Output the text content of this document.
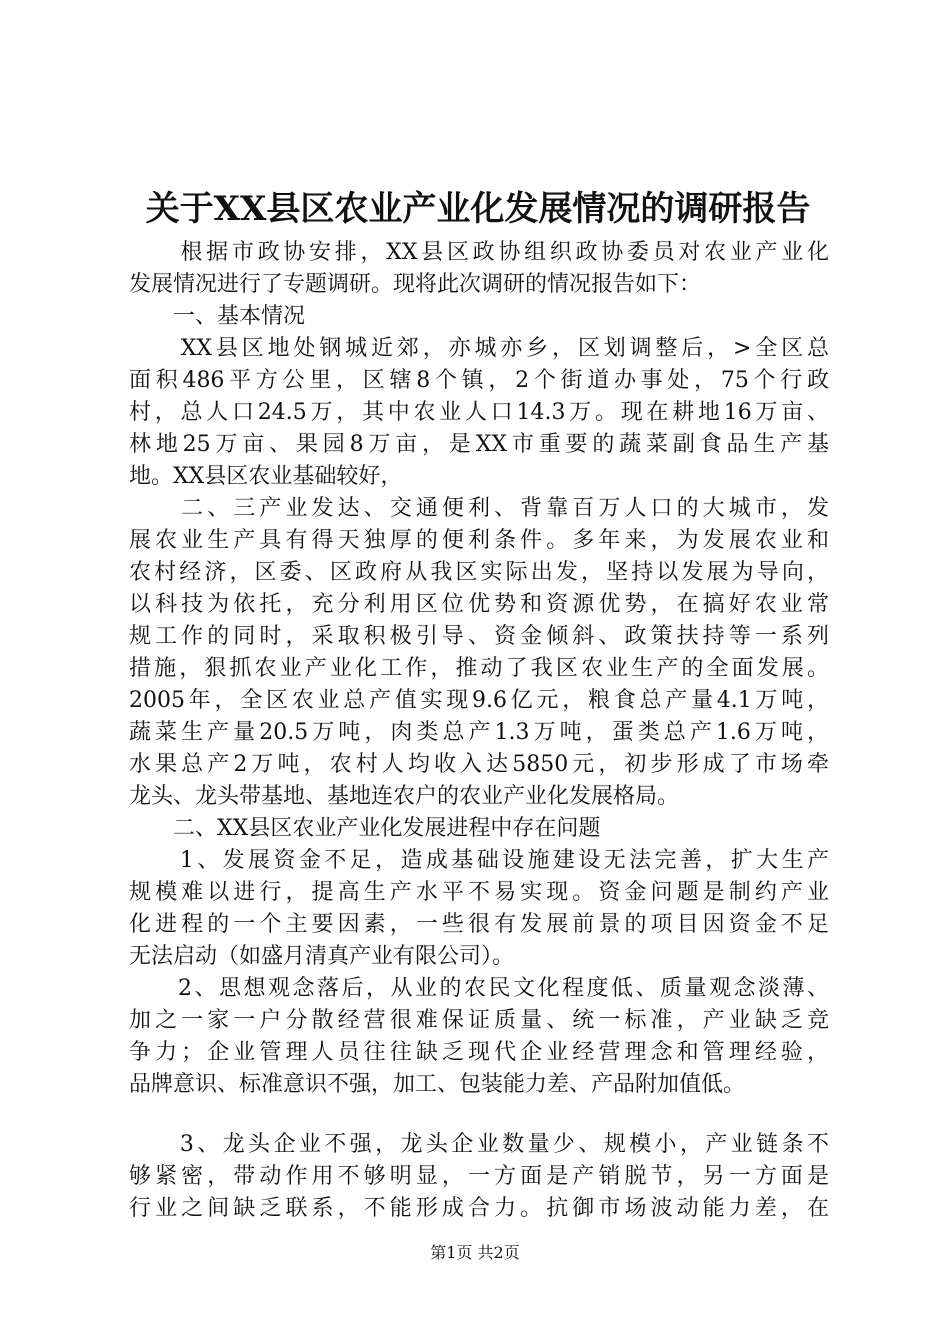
关于XX县区农业产业化发展情况的调研报告
　　根据市政协安排，XX县区政协组织政协委员对农业产业化
发展情况进行了专题调研。现将此次调研的情况报告如下：
　　一、基本情况
　　XX县区地处钢城近郊，亦城亦乡，区划调整后，>全区总
面积486平方公里，区辖8个镇，2个街道办事处，75个行政
村，总人口24.5万，其中农业人口14.3万。现在耕地16万亩、
林地25万亩、果园8万亩，是XX市重要的蔬菜副食品生产基
地。XX县区农业基础较好，
　　二、三产业发达、交通便利、背靠百万人口的大城市，发
展农业生产具有得天独厚的便利条件。多年来，为发展农业和
农村经济，区委、区政府从我区实际出发，坚持以发展为导向，
以科技为依托，充分利用区位优势和资源优势，在搞好农业常
规工作的同时，采取积极引导、资金倾斜、政策扶持等一系列
措施，狠抓农业产业化工作，推动了我区农业生产的全面发展。
2005年，全区农业总产值实现9.6亿元，粮食总产量4.1万吨，
蔬菜生产量20.5万吨，肉类总产1.3万吨，蛋类总产1.6万吨，
水果总产2万吨，农村人均收入达5850元，初步形成了市场牵
龙头、龙头带基地、基地连农户的农业产业化发展格局。
　　二、XX县区农业产业化发展进程中存在问题
　　1、发展资金不足，造成基础设施建设无法完善，扩大生产
规模难以进行，提高生产水平不易实现。资金问题是制约产业
化进程的一个主要因素，一些很有发展前景的项目因资金不足
无法启动（如盛月清真产业有限公司）。
　　2、思想观念落后，从业的农民文化程度低、质量观念淡薄、
加之一家一户分散经营很难保证质量、统一标准，产业缺乏竞
争力；企业管理人员往往缺乏现代企业经营理念和管理经验，
品牌意识、标准意识不强，加工、包装能力差、产品附加值低。
　　3、龙头企业不强，龙头企业数量少、规模小，产业链条不
够紧密，带动作用不够明显，一方面是产销脱节，另一方面是
行业之间缺乏联系，不能形成合力。抗御市场波动能力差，在
第1页 共2页
